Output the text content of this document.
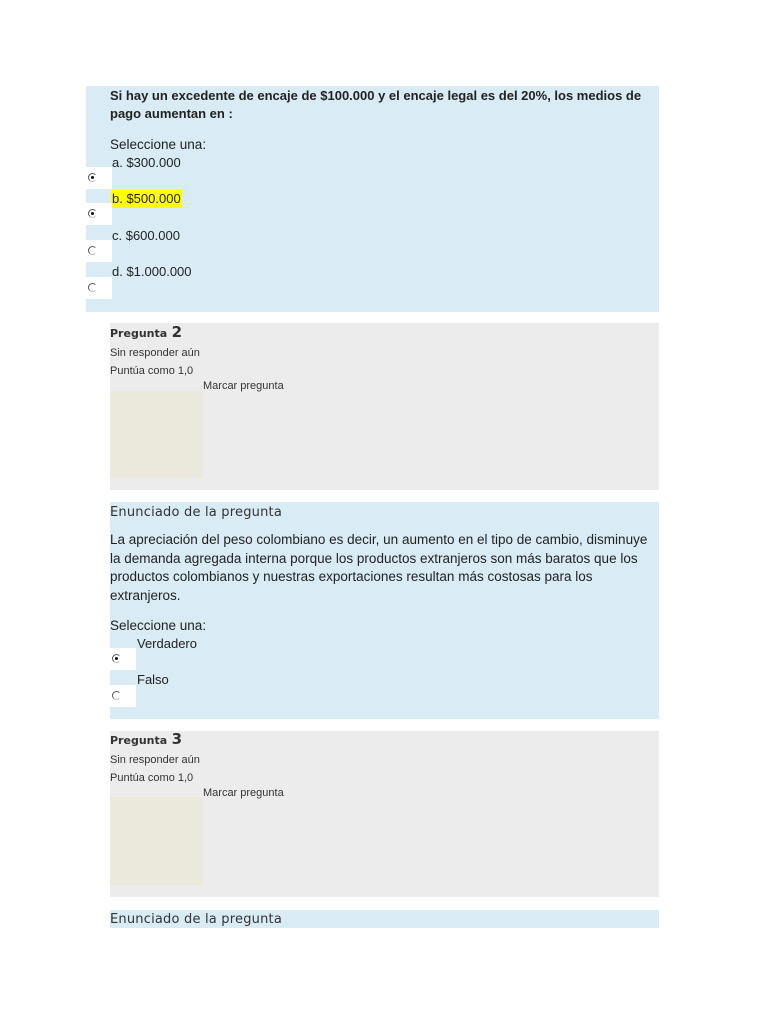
Si hay un excedente de encaje de $100.000 y el encaje legal es del 20%, los medios de pago aumentan en :
Seleccione una:
a. $300.000
b. $500.000
c. $600.000
d. $1.000.000
Pregunta 2
Sin responder aún
Puntúa como 1,0
Marcar pregunta
Enunciado de la pregunta
La apreciación del peso colombiano es decir, un aumento en el tipo de cambio, disminuye la demanda agregada interna porque los productos extranjeros son más baratos que los productos colombianos y nuestras exportaciones resultan más costosas para los extranjeros.
Seleccione una:
Verdadero
Falso
Pregunta 3
Sin responder aún
Puntúa como 1,0
Marcar pregunta
Enunciado de la pregunta
